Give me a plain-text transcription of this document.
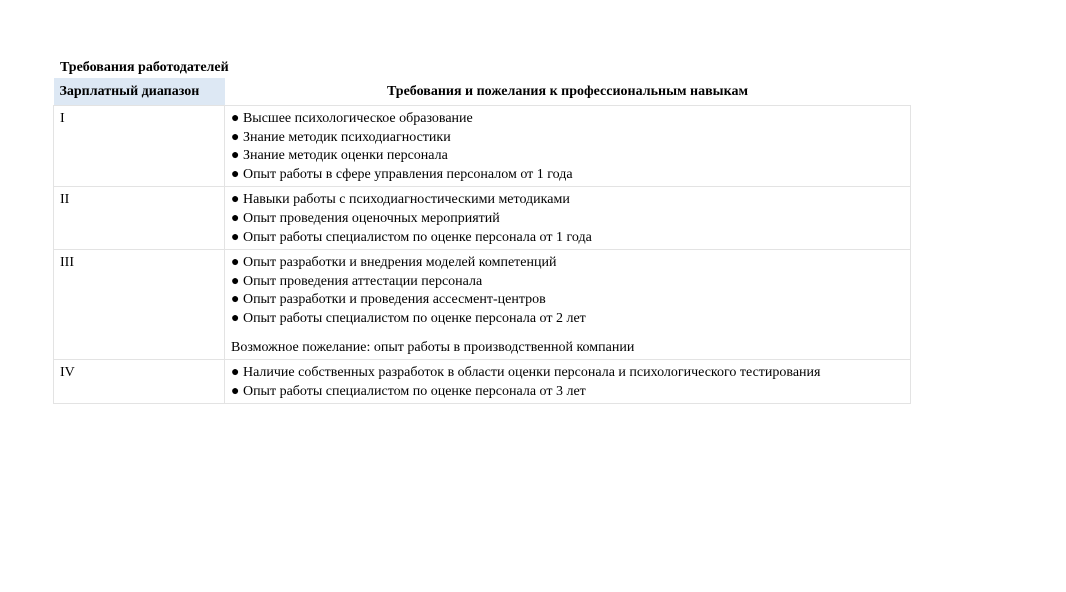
Требования работодателей
Зарплатный диапазон	Требования и пожелания к профессиональным навыкам
I	● Высшее психологическое образование
● Знание методик психодиагностики
● Знание методик оценки персонала
● Опыт работы в сфере управления персоналом от 1 года

II	● Навыки работы с психодиагностическими методиками
● Опыт проведения оценочных мероприятий
● Опыт работы специалистом по оценке персонала от 1 года

III	● Опыт разработки и внедрения моделей компетенций
● Опыт проведения аттестации персонала
● Опыт разработки и проведения ассесмент-центров
● Опыт работы специалистом по оценке персонала от 2 лет
Возможное пожелание: опыт работы в производственной компании

IV	● Наличие собственных разработок в области оценки персонала и психологического тестирования
● Опыт работы специалистом по оценке персонала от 3 лет
